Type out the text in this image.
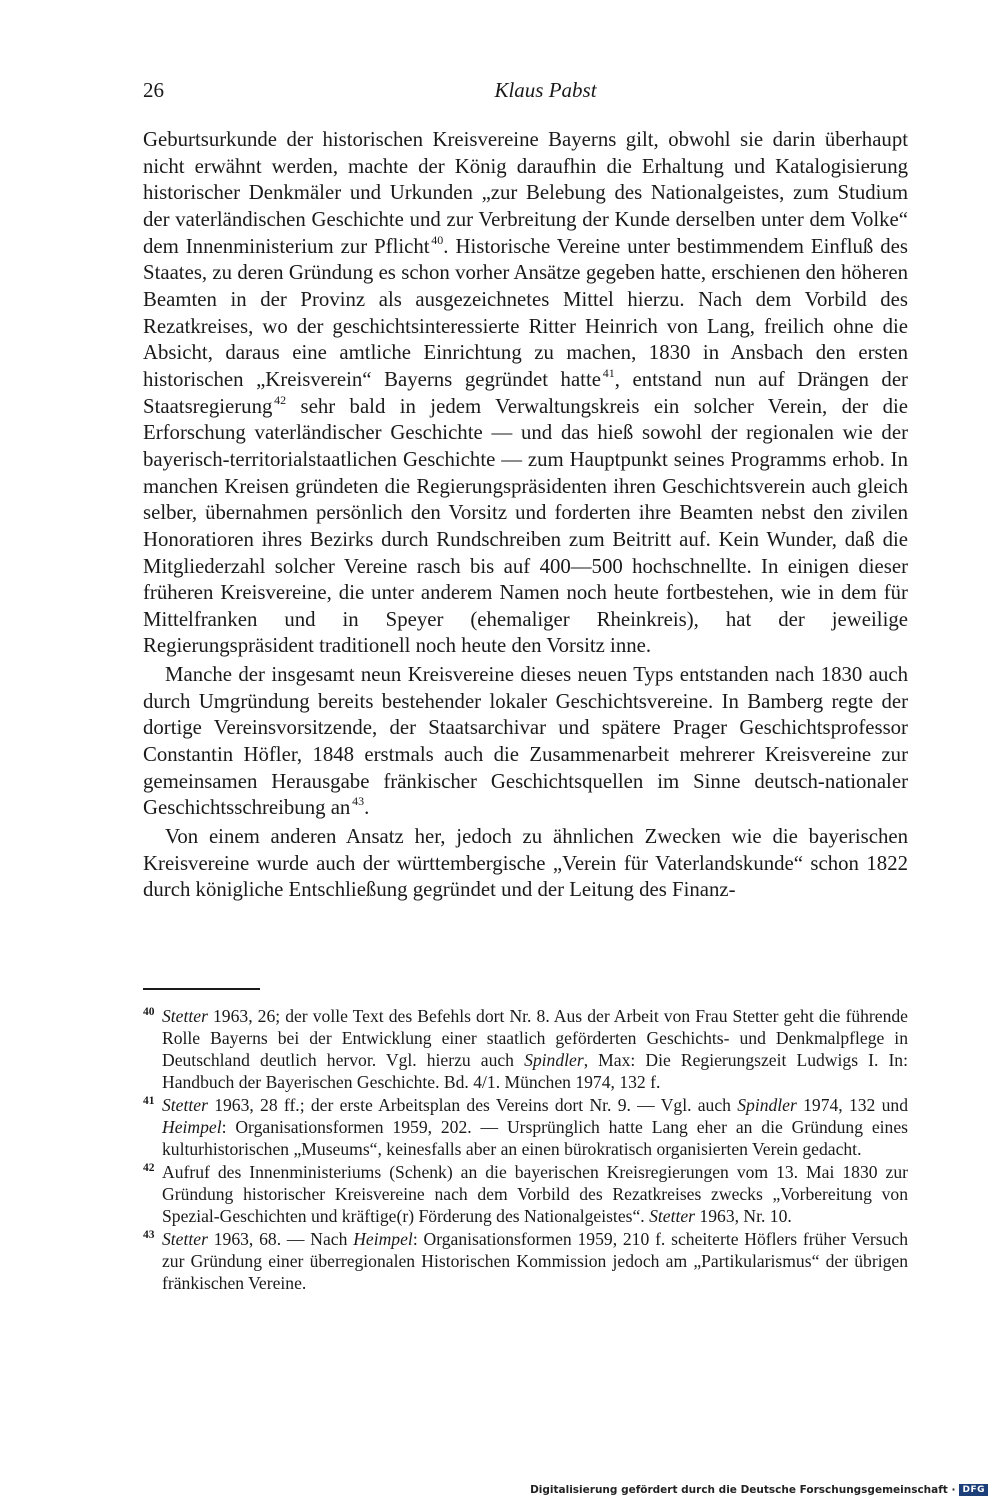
26	Klaus Pabst

Geburtsurkunde der historischen Kreisvereine Bayerns gilt, obwohl sie darin überhaupt nicht erwähnt werden, machte der König daraufhin die Erhaltung und Katalogisierung historischer Denkmäler und Urkunden „zur Belebung des Nationalgeistes, zum Studium der vaterländischen Geschichte und zur Verbreitung der Kunde derselben unter dem Volke“ dem Innenministerium zur Pflicht  $^{40}$. Historische Vereine unter bestimmendem Einfluß des Staates, zu deren Gründung es schon vorher Ansätze gegeben hatte, erschienen den höheren Beamten in der Provinz als ausgezeichnetes Mittel hierzu. Nach dem Vorbild des Rezatkreises, wo der geschichtsinteressierte Ritter Heinrich von Lang, freilich ohne die Absicht, daraus eine amtliche Einrichtung zu machen, 1830 in Ansbach den ersten historischen „Kreisverein“ Bayerns gegründet hatte  $^{41}$, entstand nun auf Drängen der Staatsregierung  $^{42}$ sehr bald in jedem Verwaltungskreis ein solcher Verein, der die Erforschung vaterländischer Geschichte — und das hieß sowohl der regionalen wie der bayerisch-territorialstaatlichen Geschichte — zum Hauptpunkt seines Programms erhob. In manchen Kreisen gründeten die Regierungspräsidenten ihren Geschichtsverein auch gleich selber, übernahmen persönlich den Vorsitz und forderten ihre Beamten nebst den zivilen Honoratioren ihres Bezirks durch Rundschreiben zum Beitritt auf. Kein Wunder, daß die Mitgliederzahl solcher Vereine rasch bis auf 400—500 hochschnellte. In einigen dieser früheren Kreisvereine, die unter anderem Namen noch heute fortbestehen, wie in dem für Mittelfranken und in Speyer (ehemaliger Rheinkreis), hat der jeweilige Regierungspräsident traditionell noch heute den Vorsitz inne.

Manche der insgesamt neun Kreisvereine dieses neuen Typs entstanden nach 1830 auch durch Umgründung bereits bestehender lokaler Geschichtsvereine. In Bamberg regte der dortige Vereinsvorsitzende, der Staatsarchivar und spätere Prager Geschichtsprofessor Constantin Höfler, 1848 erstmals auch die Zusammenarbeit mehrerer Kreisvereine zur gemeinsamen Herausgabe fränkischer Geschichtsquellen im Sinne deutsch-nationaler Geschichtsschreibung an  $^{43}$.

Von einem anderen Ansatz her, jedoch zu ähnlichen Zwecken wie die bayerischen Kreisvereine wurde auch der württembergische „Verein für Vaterlandskunde“ schon 1822 durch königliche Entschließung gegründet und der Leitung des Finanz-

40 Stetter 1963, 26; der volle Text des Befehls dort Nr. 8. Aus der Arbeit von Frau Stetter geht die führende Rolle Bayerns bei der Entwicklung einer staatlich geförderten Geschichts- und Denkmalpflege in Deutschland deutlich hervor. Vgl. hierzu auch Spindler, Max: Die Regierungszeit Ludwigs I. In: Handbuch der Bayerischen Geschichte. Bd. 4/1. München 1974, 132 f.
41 Stetter 1963, 28 ff.; der erste Arbeitsplan des Vereins dort Nr. 9. — Vgl. auch Spindler 1974, 132 und Heimpel: Organisationsformen 1959, 202. — Ursprünglich hatte Lang eher an die Gründung eines kulturhistorischen „Museums“, keinesfalls aber an einen bürokratisch organisierten Verein gedacht.
42 Aufruf des Innenministeriums (Schenk) an die bayerischen Kreisregierungen vom 13. Mai 1830 zur Gründung historischer Kreisvereine nach dem Vorbild des Rezatkreises zwecks „Vorbereitung von Spezial-Geschichten und kräftige(r) Förderung des Nationalgeistes“. Stetter 1963, Nr. 10.
43 Stetter 1963, 68. — Nach Heimpel: Organisationsformen 1959, 210 f. scheiterte Höflers früher Versuch zur Gründung einer überregionalen Historischen Kommission jedoch am „Partikularismus“ der übrigen fränkischen Vereine.
Digitalisierung gefördert durch die Deutsche Forschungsgemeinschaft · DFG
